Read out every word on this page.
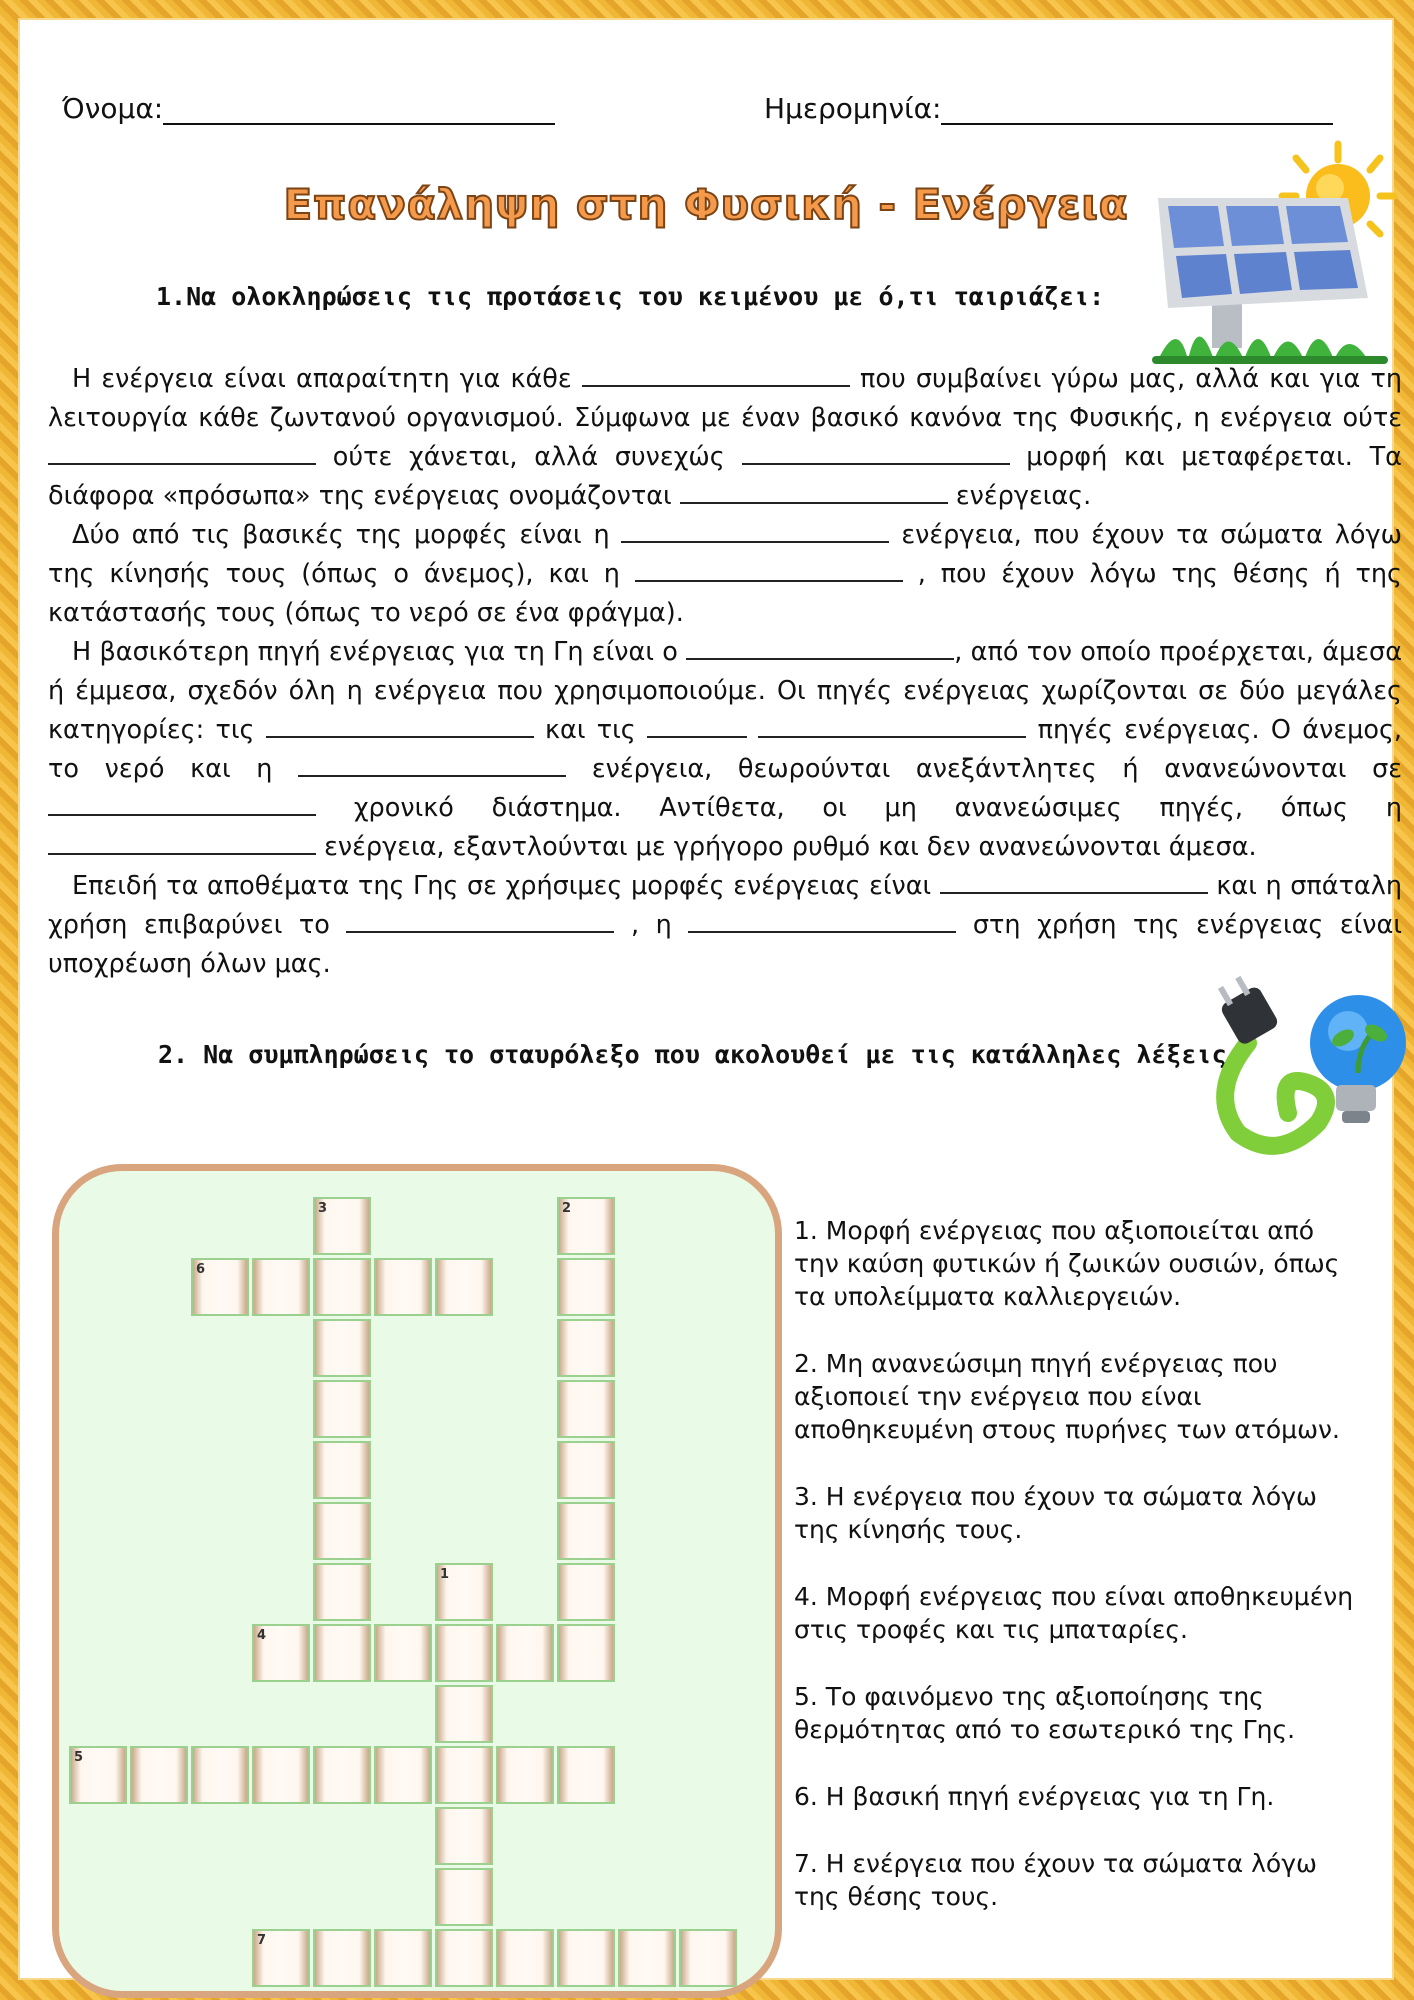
Όνομα:	Ημερομηνία:
Επανάληψη στη Φυσική - Ενέργεια
1.Να ολοκληρώσεις τις προτάσεις του κειμένου με ό,τι ταιριάζει:

Η ενέργεια είναι απαραίτητη για κάθε	που συμβαίνει γύρω μας, αλλά και για τη λειτουργία κάθε ζωντανού οργανισμού. Σύμφωνα με έναν βασικό κανόνα της Φυσικής, η ενέργεια ούτε  ούτε χάνεται, αλλά συνεχώς	μορφή και μεταφέρεται. Τα διάφορα «πρόσωπα» της ενέργειας ονομάζονται	ενέργειας.

Δύο από τις βασικές της μορφές είναι η	ενέργεια, που έχουν τα σώματα λόγω της κίνησής τους (όπως ο άνεμος), και η	, που έχουν λόγω της θέσης ή της κατάστασής τους (όπως το νερό σε ένα φράγμα).

Η βασικότερη πηγή ενέργειας για τη Γη είναι ο	, από τον οποίο προέρχεται, άμεσα ή έμμεσα, σχεδόν όλη η ενέργεια που χρησιμοποιούμε. Οι πηγές ενέργειας χωρίζονται σε δύο μεγάλες κατηγορίες: τις	και τις	πηγές ενέργειας. Ο άνεμος, το νερό και η	ενέργεια, θεωρούνται ανεξάντλητες ή ανανεώνονται σε  χρονικό διάστημα. Αντίθετα, οι μη ανανεώσιμες πηγές, όπως η  ενέργεια, εξαντλούνται με γρήγορο ρυθμό και δεν ανανεώνονται άμεσα.

Επειδή τα αποθέματα της Γης σε χρήσιμες μορφές ενέργειας είναι	και η σπάταλη χρήση επιβαρύνει το	, η	στη χρήση της ενέργειας είναι υποχρέωση όλων μας.

2. Να συμπληρώσεις το σταυρόλεξο που ακολουθεί με τις κατάλληλες λέξεις:
3
6
2
1
4
5
7

1. Μορφή ενέργειας που αξιοποιείται από την καύση φυτικών ή ζωικών ουσιών, όπως τα υπολείμματα καλλιεργειών.

2. Μη ανανεώσιμη πηγή ενέργειας που αξιοποιεί την ενέργεια που είναι αποθηκευμένη στους πυρήνες των ατόμων.

3. Η ενέργεια που έχουν τα σώματα λόγω της κίνησής τους.

4. Μορφή ενέργειας που είναι αποθηκευμένη στις τροφές και τις μπαταρίες.

5. Το φαινόμενο της αξιοποίησης της θερμότητας από το εσωτερικό της Γης.

6. Η βασική πηγή ενέργειας για τη Γη.

7. Η ενέργεια που έχουν τα σώματα λόγω της θέσης τους.
